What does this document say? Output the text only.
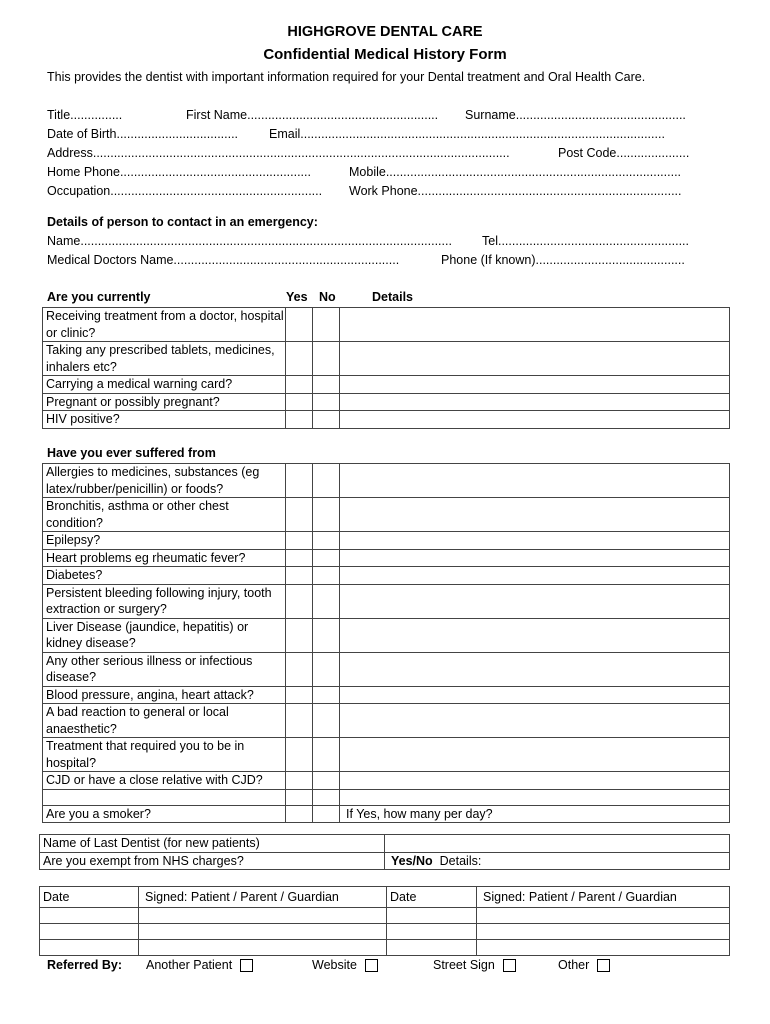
HIGHGROVE DENTAL CARE
Confidential Medical History Form
This provides the dentist with important information required for your Dental treatment and Oral Health Care.
Title...............	First Name....................................................... Surname.................................................
Date of Birth................................... Email.........................................................................................................
Address........................................................................................................................	Post Code.....................
Home Phone.......................................................	Mobile.....................................................................................
Occupation............................................................. Work Phone............................................................................
Details of person to contact in an emergency:
Name........................................................................................................... Tel.......................................................
Medical Doctors Name.................................................................	Phone (If known)...........................................
Are you currently	Yes No	Details
Receiving treatment from a doctor, hospital or clinic?			
Taking any prescribed tablets, medicines, inhalers etc?			
Carrying a medical warning card?			
Pregnant or possibly pregnant?			
HIV positive?			
Have you ever suffered from
Allergies to medicines, substances (eg latex/rubber/penicillin) or foods?			
Bronchitis, asthma or other chest condition?			
Epilepsy?			
Heart problems eg rheumatic fever?			
Diabetes?			
Persistent bleeding following injury, tooth extraction or surgery?			
Liver Disease (jaundice, hepatitis) or kidney disease?			
Any other serious illness or infectious disease?			
Blood pressure, angina, heart attack?			
A bad reaction to general or local anaesthetic?			
Treatment that required you to be in hospital?			
CJD or have a close relative with CJD?			

Are you a smoker?			If Yes, how many per day?
Name of Last Dentist (for new patients)	
Are you exempt from NHS charges?	Yes/No Details:
Date	Signed: Patient / Parent / Guardian	Date	Signed: Patient / Parent / Guardian

Referred By: Another Patient	Website	Street Sign	Other
